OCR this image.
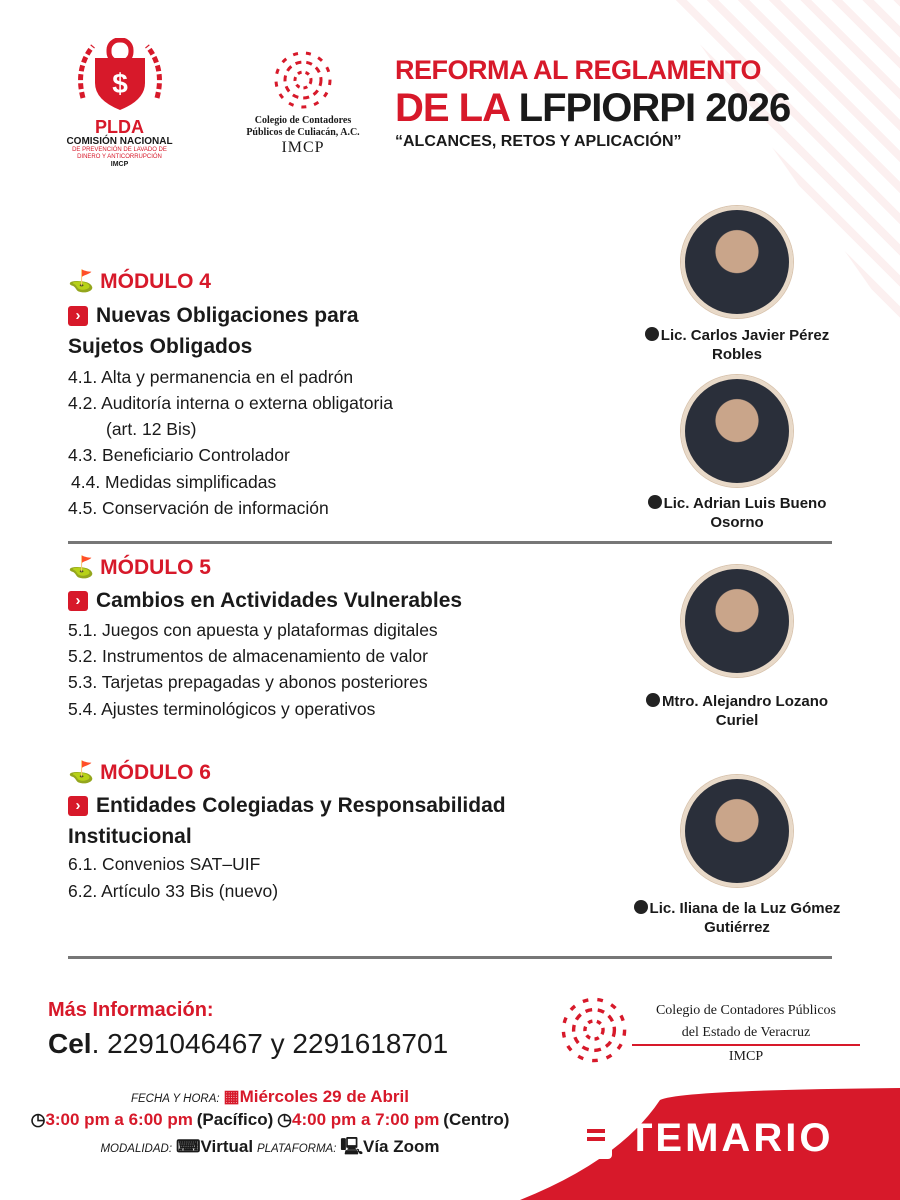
$
PLDA
COMISIÓN NACIONAL
DE PREVENCIÓN DE LAVADO DE DINERO Y ANTICORRUPCIÓN
IMCP
Colegio de Contadores
Públicos de Culiacán, A.C.
IMCP
REFORMA AL REGLAMENTO
DE LA LFPIORPI 2026
“ALCANCES, RETOS Y APLICACIÓN”
⛳ MÓDULO 4
› Nuevas Obligaciones para
Sujetos Obligados
4.1. Alta y permanencia en el padrón
4.2. Auditoría interna o externa obligatoria
(art. 12 Bis)
4.3. Beneficiario Controlador
4.4. Medidas simplificadas
4.5. Conservación de información
⛳ MÓDULO 5
› Cambios en Actividades Vulnerables
5.1. Juegos con apuesta y plataformas digitales
5.2. Instrumentos de almacenamiento de valor
5.3. Tarjetas prepagadas y abonos posteriores
5.4. Ajustes terminológicos y operativos
⛳ MÓDULO 6
› Entidades Colegiadas y Responsabilidad
Institucional
6.1. Convenios SAT–UIF
6.2. Artículo 33 Bis (nuevo)
Lic. Carlos Javier Pérez
Robles
Lic. Adrian Luis Bueno
Osorno
Mtro. Alejandro Lozano
Curiel
Lic. Iliana de la Luz Gómez
Gutiérrez
Más Información:
Cel. 2291046467 y 2291618701
Colegio de Contadores Públicos
del Estado de Veracruz
IMCP
FECHA Y HORA: ▦Miércoles 29 de Abril
◷3:00 pm a 6:00 pm (Pacífico) ◷4:00 pm a 7:00 pm (Centro)
MODALIDAD: ⌨Virtual PLATAFORMA: 🖳Vía Zoom	TEMARIO
